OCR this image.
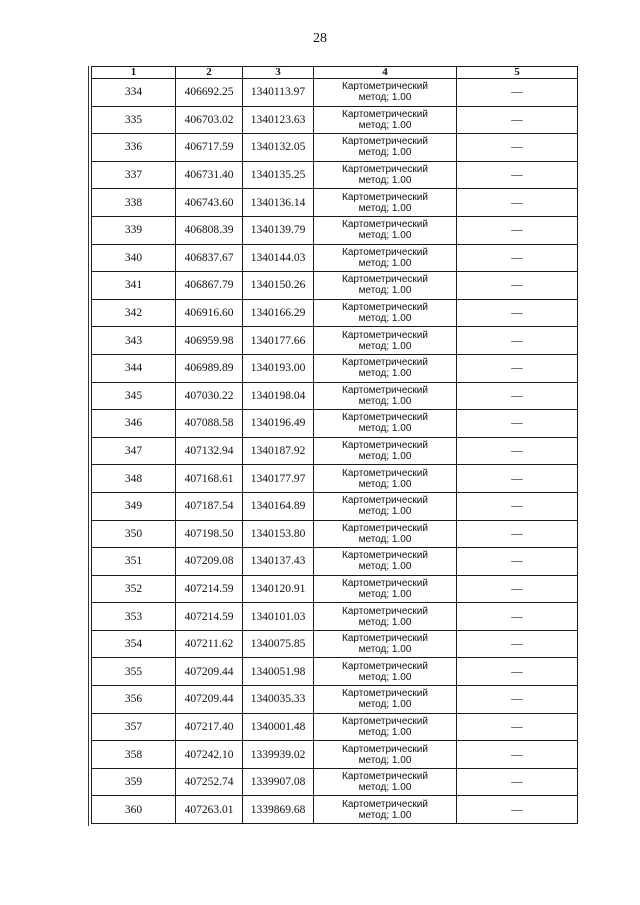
28
1	2	3	4	5
334	406692.25	1340113.97	Картометрический
метод; 1.00	—
335	406703.02	1340123.63	Картометрический
метод; 1.00	—
336	406717.59	1340132.05	Картометрический
метод; 1.00	—
337	406731.40	1340135.25	Картометрический
метод; 1.00	—
338	406743.60	1340136.14	Картометрический
метод; 1.00	—
339	406808.39	1340139.79	Картометрический
метод; 1.00	—
340	406837.67	1340144.03	Картометрический
метод; 1.00	—
341	406867.79	1340150.26	Картометрический
метод; 1.00	—
342	406916.60	1340166.29	Картометрический
метод; 1.00	—
343	406959.98	1340177.66	Картометрический
метод; 1.00	—
344	406989.89	1340193.00	Картометрический
метод; 1.00	—
345	407030.22	1340198.04	Картометрический
метод; 1.00	—
346	407088.58	1340196.49	Картометрический
метод; 1.00	—
347	407132.94	1340187.92	Картометрический
метод; 1.00	—
348	407168.61	1340177.97	Картометрический
метод; 1.00	—
349	407187.54	1340164.89	Картометрический
метод; 1.00	—
350	407198.50	1340153.80	Картометрический
метод; 1.00	—
351	407209.08	1340137.43	Картометрический
метод; 1.00	—
352	407214.59	1340120.91	Картометрический
метод; 1.00	—
353	407214.59	1340101.03	Картометрический
метод; 1.00	—
354	407211.62	1340075.85	Картометрический
метод; 1.00	—
355	407209.44	1340051.98	Картометрический
метод; 1.00	—
356	407209.44	1340035.33	Картометрический
метод; 1.00	—
357	407217.40	1340001.48	Картометрический
метод; 1.00	—
358	407242.10	1339939.02	Картометрический
метод; 1.00	—
359	407252.74	1339907.08	Картометрический
метод; 1.00	—
360	407263.01	1339869.68	Картометрический
метод; 1.00	—
